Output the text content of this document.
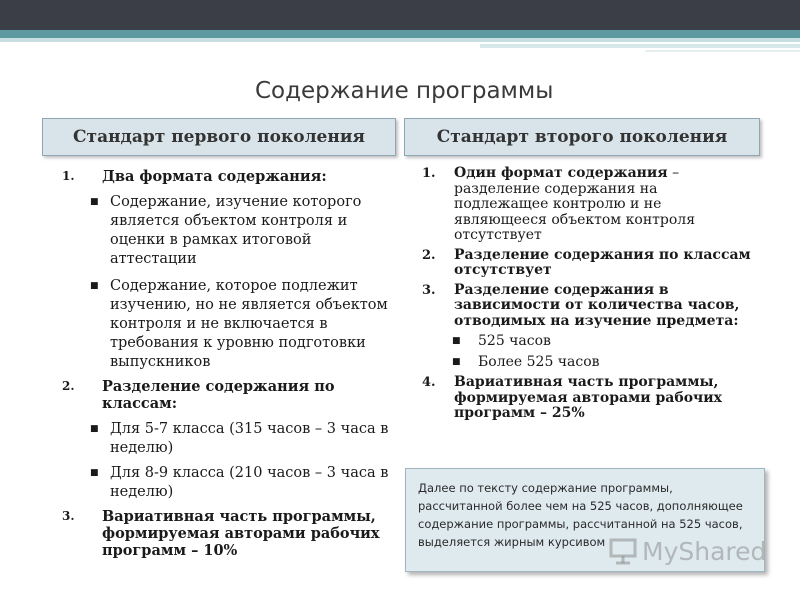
Содержание программы
Стандарт первого поколения	Стандарт второго поколения
1. Два формата содержания:
■ Содержание, изучение которого является объектом контроля и оценки в рамках итоговой аттестации
■ Содержание, которое подлежит изучению, но не является объектом контроля и не включается в требования к уровню подготовки выпускников
2. Разделение содержания по классам:
■ Для 5-7 класса (315 часов – 3 часа в неделю)
■ Для 8-9 класса (210 часов – 3 часа в неделю)
3. Вариативная часть программы, формируемая авторами рабочих программ – 10%
1. Один формат содержания – разделение содержания на подлежащее контролю и не являющееся объектом контроля отсутствует
2. Разделение содержания по классам отсутствует
3. Разделение содержания в зависимости от количества часов, отводимых на изучение предмета:
■ 525 часов
■ Более 525 часов
4. Вариативная часть программы, формируемая авторами рабочих программ – 25%
Далее по тексту содержание программы, рассчитанной более чем на 525 часов, дополняющее содержание программы, рассчитанной на 525 часов, выделяется жирным курсивом	MyShared
